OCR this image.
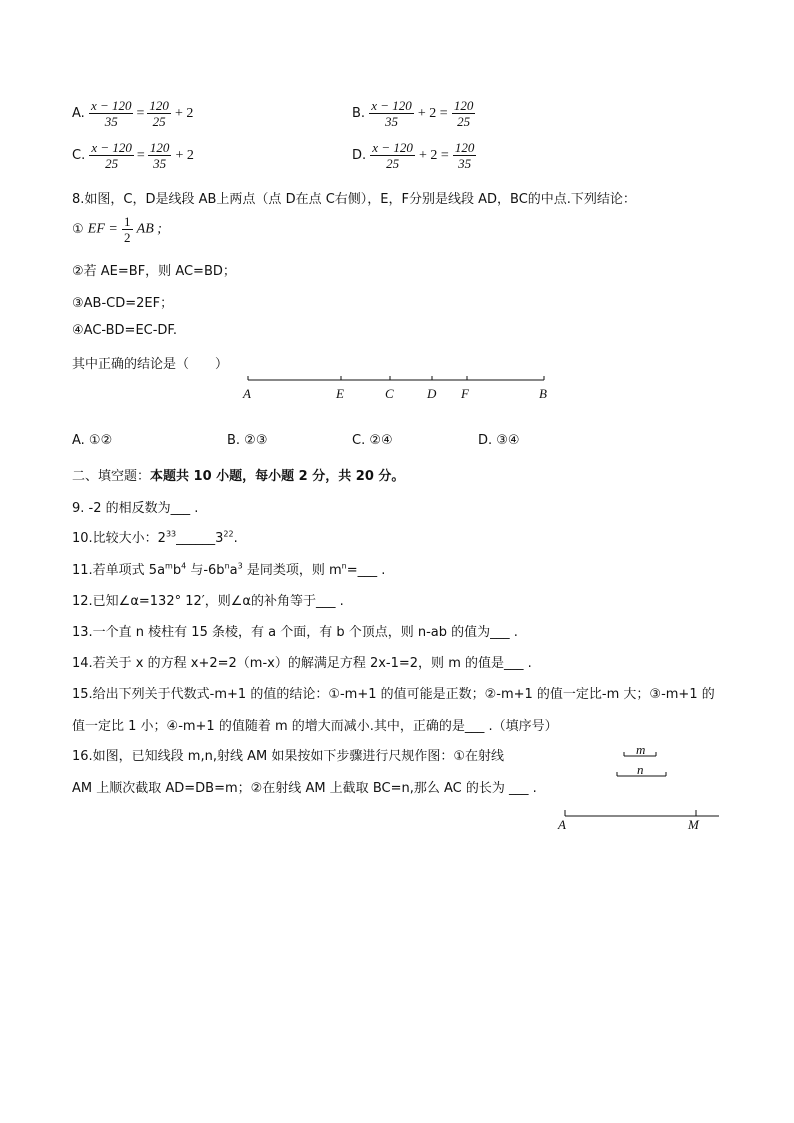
A. $\frac{x - 120}{35} = \frac{120}{25} + 2$	B. $\frac{x - 120}{35} + 2 = \frac{120}{25}$
C. $\frac{x - 120}{25} = \frac{120}{35} + 2$	D. $\frac{x - 120}{25} + 2 = \frac{120}{35}$
8.如图，C，D是线段 AB上两点（点 D在点 C右侧），E，F分别是线段 AD，BC的中点.下列结论：
① EF = $\frac{1}{2}$ AB ;
②若 AE=BF，则 AC=BD；
③AB-CD=2EF；
④AC-BD=EC-DF.
其中正确的结论是（　　）
A	E	C	D F	B
A. ①②	B. ②③	C. ②④	D. ③④
二、填空题：本题共 10 小题，每小题 2 分，共 20 分。
9. -2 的相反数为___ .
10.比较大小：$2^{33}\_\_\_\_\_\_3^{22}$.
11.若单项式 $5a^mb^4$ 与$-6b^na^3$ 是同类项，则 $m^n=\_\_\_$ .
12.已知∠α=132° 12′，则∠α的补角等于___ .
13.一个直 n 棱柱有 15 条棱，有 a 个面，有 b 个顶点，则 n-ab 的值为___ .
14.若关于 x 的方程 x+2=2（m-x）的解满足方程 2x-1=2，则 m 的值是___ .
15.给出下列关于代数式-m+1 的值的结论：①-m+1 的值可能是正数；②-m+1 的值一定比-m 大；③-m+1 的
值一定比 1 小；④-m+1 的值随着 m 的增大而减小.其中，正确的是___ .（填序号）
16.如图，已知线段 m,n,射线 AM 如果按如下步骤进行尺规作图：①在射线
AM 上顺次截取 AD=DB=m；②在射线 AM 上截取 BC=n,那么 AC 的长为 ___ .
m
n
A	M
